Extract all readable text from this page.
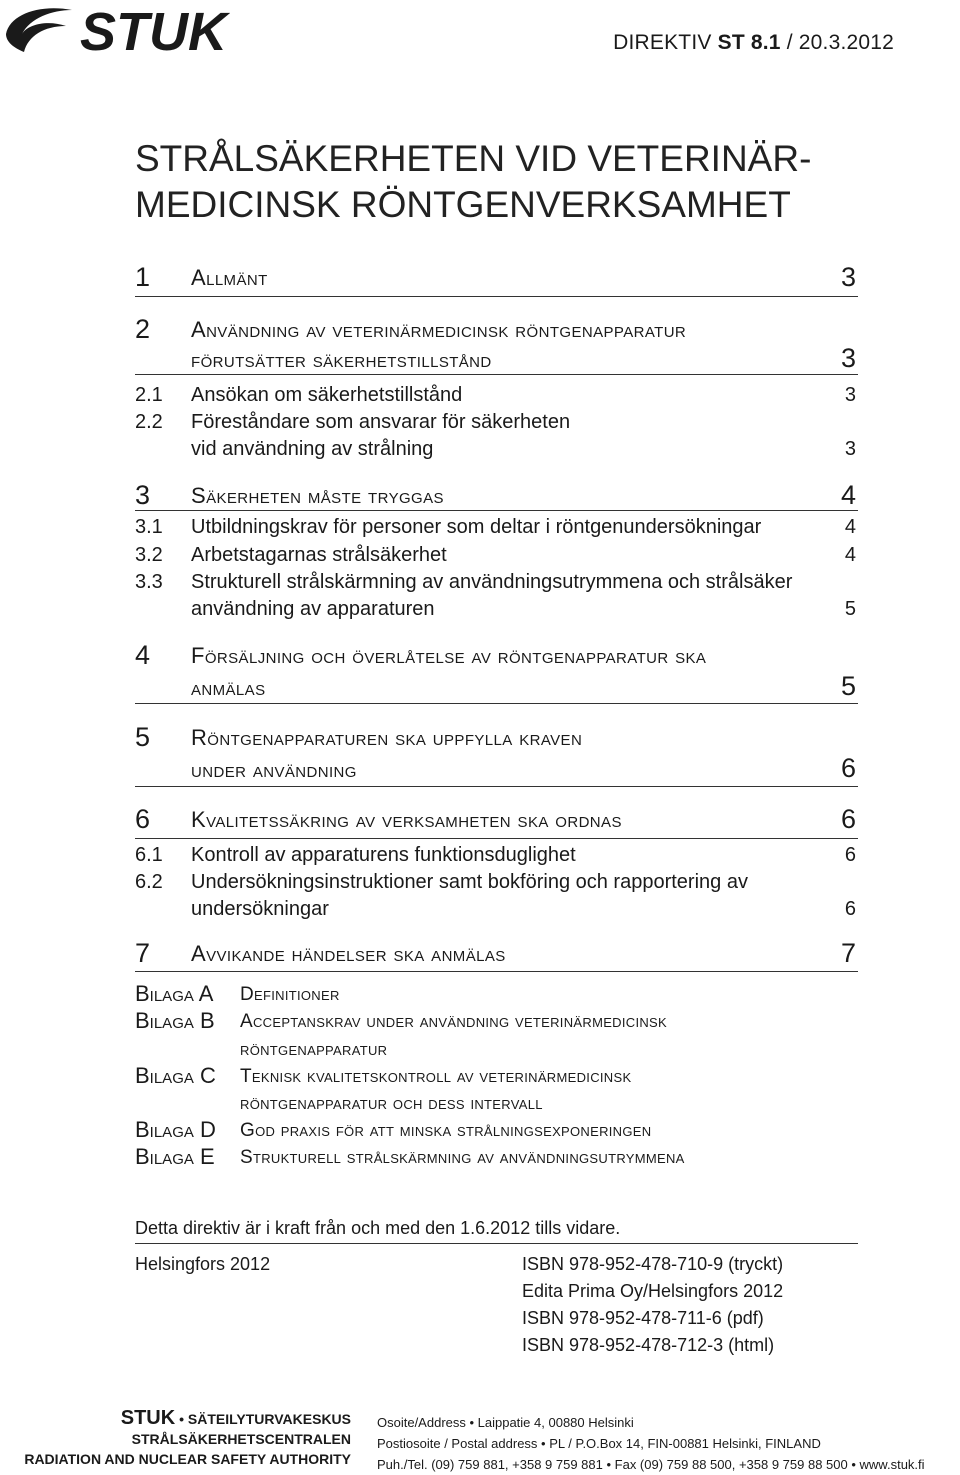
STUK	DIREKTIV ST 8.1 / 20.3.2012
STRÅLSÄKERHETEN VID VETERINÄR-
MEDICINSK RÖNTGENVERKSAMHET
1 Allmänt	3
2 Användning av veterinärmedicinsk röntgenapparatur
förutsätter säkerhetstillstånd	3
2.1 Ansökan om säkerhetstillstånd	3
2.2 Föreståndare som ansvarar för säkerheten
vid användning av strålning	3
3 Säkerheten måste tryggas	4
3.1 Utbildningskrav för personer som deltar i röntgenundersökningar	4
3.2 Arbetstagarnas strålsäkerhet	4
3.3 Strukturell strålskärmning av användningsutrymmena och strålsäker
användning av apparaturen	5
4 Försäljning och överlåtelse av röntgenapparatur ska
anmälas	5
5 Röntgenapparaturen ska uppfylla kraven
under användning	6
6 Kvalitetssäkring av verksamheten ska ordnas	6
6.1 Kontroll av apparaturens funktionsduglighet	6
6.2 Undersökningsinstruktioner samt bokföring och rapportering av
undersökningar	6
7 Avvikande händelser ska anmälas	7
Bilaga A Definitioner
Bilaga B Acceptanskrav under användning veterinärmedicinsk
röntgenapparatur
Bilaga C Teknisk kvalitetskontroll av veterinärmedicinsk
röntgenapparatur och dess intervall
Bilaga D God praxis för att minska strålningsexponeringen
Bilaga E Strukturell strålskärmning av användningsutrymmena
Detta direktiv är i kraft från och med den 1.6.2012 tills vidare.
Helsingfors 2012	ISBN 978-952-478-710-9 (tryckt)
Edita Prima Oy/Helsingfors 2012
ISBN 978-952-478-711-6 (pdf)
ISBN 978-952-478-712-3 (html)
STUK • SÄTEILYTURVAKESKUS
STRÅLSÄKERHETSCENTRALEN
RADIATION AND NUCLEAR SAFETY AUTHORITY
Osoite/Address • Laippatie 4, 00880 Helsinki
Postiosoite / Postal address • PL / P.O.Box 14, FIN-00881 Helsinki, FINLAND
Puh./Tel. (09) 759 881, +358 9 759 881 • Fax (09) 759 88 500, +358 9 759 88 500 • www.stuk.fi
